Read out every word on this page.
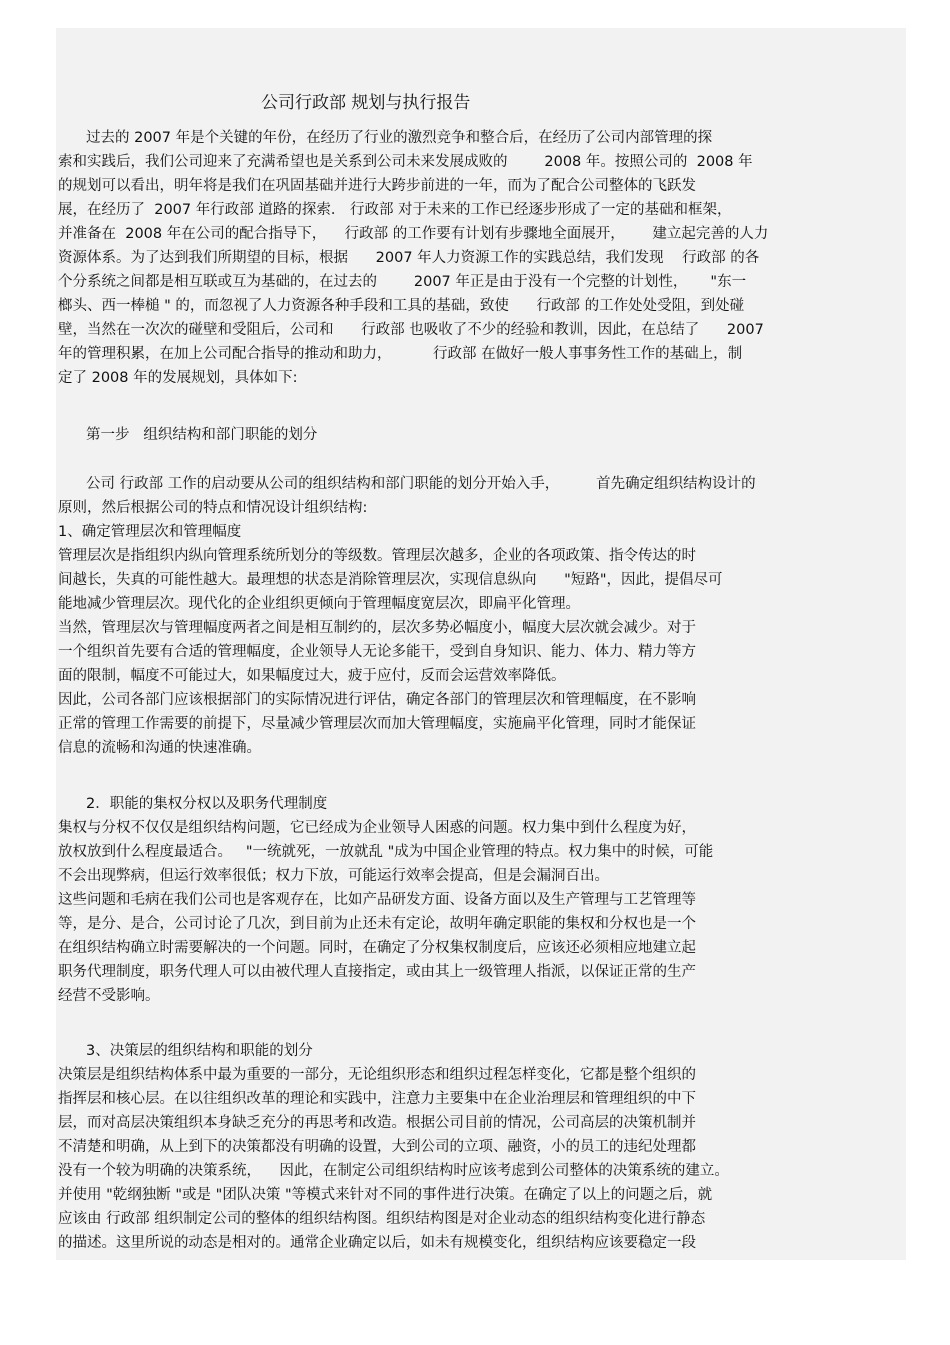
公司行政部 规划与执行报告
过去的 2007 年是个关键的年份，在经历了行业的激烈竞争和整合后，在经历了公司内部管理的探
索和实践后，我们公司迎来了充满希望也是关系到公司未来发展成败的        2008 年。按照公司的  2008 年
的规划可以看出，明年将是我们在巩固基础并进行大跨步前进的一年，而为了配合公司整体的飞跃发
展，在经历了  2007 年行政部 道路的探索． 行政部 对于未来的工作已经逐步形成了一定的基础和框架，
并准备在  2008 年在公司的配合指导下，    行政部 的工作要有计划有步骤地全面展开，      建立起完善的人力
资源体系。为了达到我们所期望的目标，根据      2007 年人力资源工作的实践总结，我们发现    行政部 的各
个分系统之间都是相互联或互为基础的，在过去的        2007 年正是由于没有一个完整的计划性，     "东一
榔头、西一棒槌 " 的，而忽视了人力资源各种手段和工具的基础，致使      行政部 的工作处处受阻，到处碰
壁，当然在一次次的碰壁和受阻后，公司和      行政部 也吸收了不少的经验和教训，因此，在总结了      2007
年的管理积累，在加上公司配合指导的推动和助力，         行政部 在做好一般人事事务性工作的基础上，制
定了 2008 年的发展规划，具体如下:
第一步   组织结构和部门职能的划分
公司 行政部 工作的启动要从公司的组织结构和部门职能的划分开始入手，        首先确定组织结构设计的
原则，然后根据公司的特点和情况设计组织结构:
1、确定管理层次和管理幅度
管理层次是指组织内纵向管理系统所划分的等级数。管理层次越多，企业的各项政策、指令传达的时
间越长，失真的可能性越大。最理想的状态是消除管理层次，实现信息纵向      "短路"，因此，提倡尽可
能地减少管理层次。现代化的企业组织更倾向于管理幅度宽层次，即扁平化管理。
当然，管理层次与管理幅度两者之间是相互制约的，层次多势必幅度小，幅度大层次就会减少。对于
一个组织首先要有合适的管理幅度，企业领导人无论多能干，受到自身知识、能力、体力、精力等方
面的限制，幅度不可能过大，如果幅度过大，疲于应付，反而会运营效率降低。
因此，公司各部门应该根据部门的实际情况进行评估，确定各部门的管理层次和管理幅度，在不影响
正常的管理工作需要的前提下，尽量减少管理层次而加大管理幅度，实施扁平化管理，同时才能保证
信息的流畅和沟通的快速准确。
2．职能的集权分权以及职务代理制度
集权与分权不仅仅是组织结构问题，它已经成为企业领导人困惑的问题。权力集中到什么程度为好，
放权放到什么程度最适合。   "一统就死，一放就乱 "成为中国企业管理的特点。权力集中的时候，可能
不会出现弊病，但运行效率很低；权力下放，可能运行效率会提高，但是会漏洞百出。
这些问题和毛病在我们公司也是客观存在，比如产品研发方面、设备方面以及生产管理与工艺管理等
等，是分、是合，公司讨论了几次，到目前为止还未有定论，故明年确定职能的集权和分权也是一个
在组织结构确立时需要解决的一个问题。同时，在确定了分权集权制度后，应该还必须相应地建立起
职务代理制度，职务代理人可以由被代理人直接指定，或由其上一级管理人指派，以保证正常的生产
经营不受影响。
3、决策层的组织结构和职能的划分
决策层是组织结构体系中最为重要的一部分，无论组织形态和组织过程怎样变化，它都是整个组织的
指挥层和核心层。在以往组织改革的理论和实践中，注意力主要集中在企业治理层和管理组织的中下
层，而对高层决策组织本身缺乏充分的再思考和改造。根据公司目前的情况，公司高层的决策机制并
不清楚和明确，从上到下的决策都没有明确的设置，大到公司的立项、融资，小的员工的违纪处理都
没有一个较为明确的决策系统，    因此，在制定公司组织结构时应该考虑到公司整体的决策系统的建立。
并使用 "乾纲独断 "或是 "团队决策 "等模式来针对不同的事件进行决策。在确定了以上的问题之后，就
应该由 行政部 组织制定公司的整体的组织结构图。组织结构图是对企业动态的组织结构变化进行静态
的描述。这里所说的动态是相对的。通常企业确定以后，如未有规模变化，组织结构应该要稳定一段
